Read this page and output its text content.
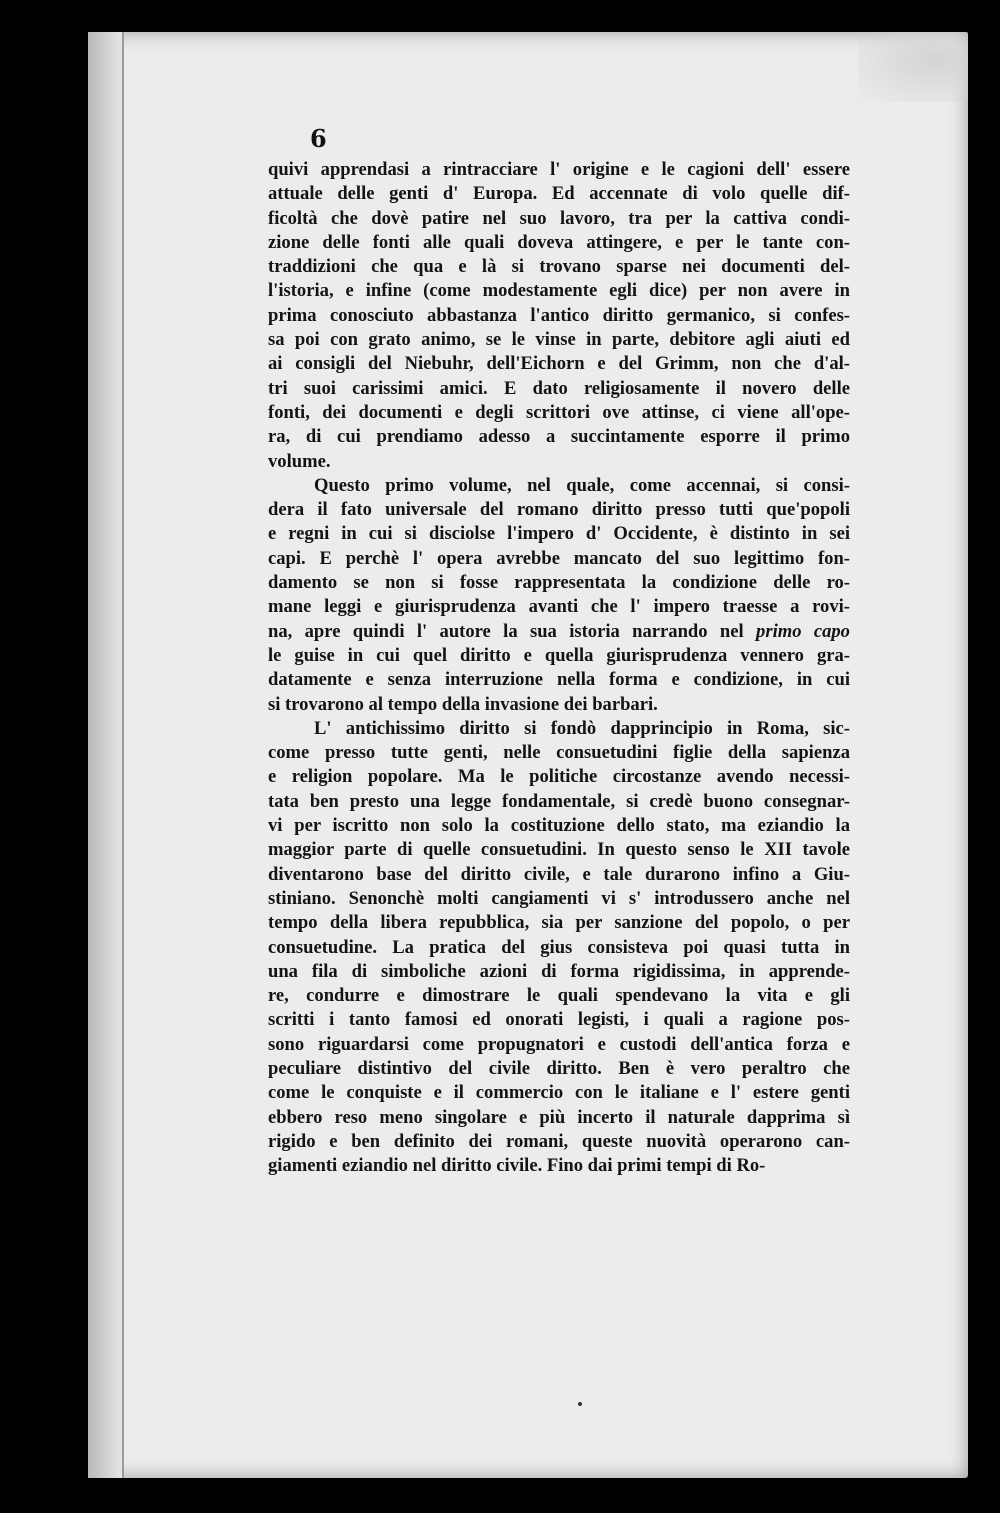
6

quivi apprendasi a rintracciare l' origine e le cagioni dell' essere
attuale delle genti d' Europa. Ed accennate di volo quelle dif-
ficoltà che dovè patire nel suo lavoro, tra per la cattiva condi-
zione delle fonti alle quali doveva attingere, e per le tante con-
traddizioni che qua e là si trovano sparse nei documenti del-
l'istoria, e infine (come modestamente egli dice) per non avere in
prima conosciuto abbastanza l'antico diritto germanico, si confes-
sa poi con grato animo, se le vinse in parte, debitore agli aiuti ed
ai consigli del Niebuhr, dell'Eichorn e del Grimm, non che d'al-
tri suoi carissimi amici. E dato religiosamente il novero delle
fonti, dei documenti e degli scrittori ove attinse, ci viene all'ope-
ra, di cui prendiamo adesso a succintamente esporre il primo
volume.

Questo primo volume, nel quale, come accennai, si consi-
dera il fato universale del romano diritto presso tutti que'popoli
e regni in cui si disciolse l'impero d' Occidente, è distinto in sei
capi. E perchè l' opera avrebbe mancato del suo legittimo fon-
damento se non si fosse rappresentata la condizione delle ro-
mane leggi e giurisprudenza avanti che l' impero traesse a rovi-
na, apre quindi l' autore la sua istoria narrando nel primo capo
le guise in cui quel diritto e quella giurisprudenza vennero gra-
datamente e senza interruzione nella forma e condizione, in cui
si trovarono al tempo della invasione dei barbari.

L' antichissimo diritto si fondò dapprincipio in Roma, sic-
come presso tutte genti, nelle consuetudini figlie della sapienza
e religion popolare. Ma le politiche circostanze avendo necessi-
tata ben presto una legge fondamentale, si credè buono consegnar-
vi per iscritto non solo la costituzione dello stato, ma eziandio la
maggior parte di quelle consuetudini. In questo senso le XII tavole
diventarono base del diritto civile, e tale durarono infino a Giu-
stiniano. Senonchè molti cangiamenti vi s' introdussero anche nel
tempo della libera repubblica, sia per sanzione del popolo, o per
consuetudine. La pratica del gius consisteva poi quasi tutta in
una fila di simboliche azioni di forma rigidissima, in apprende-
re, condurre e dimostrare le quali spendevano la vita e gli
scritti i tanto famosi ed onorati legisti, i quali a ragione pos-
sono riguardarsi come propugnatori e custodi dell'antica forza e
peculiare distintivo del civile diritto. Ben è vero peraltro che
come le conquiste e il commercio con le italiane e l' estere genti
ebbero reso meno singolare e più incerto il naturale dapprima sì
rigido e ben definito dei romani, queste nuovità operarono can-
giamenti eziandio nel diritto civile. Fino dai primi tempi di Ro-
